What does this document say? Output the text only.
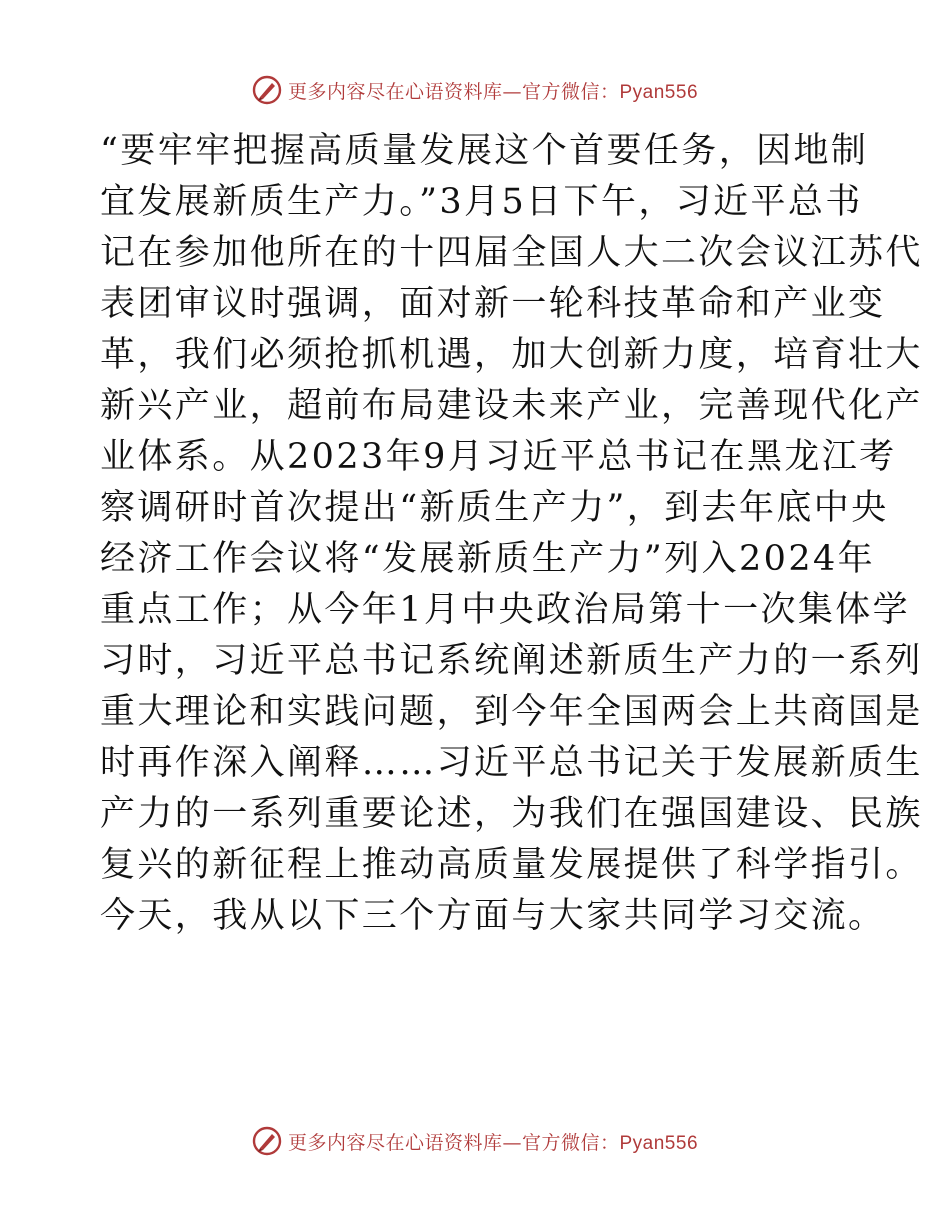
更多内容尽在心语资料库—官方微信：Pyan556
“要牢牢把握高质量发展这个首要任务，因地制
宜发展新质生产力。”3月5日下午，习近平总书
记在参加他所在的十四届全国人大二次会议江苏代
表团审议时强调，面对新一轮科技革命和产业变
革，我们必须抢抓机遇，加大创新力度，培育壮大
新兴产业，超前布局建设未来产业，完善现代化产
业体系。从2023年9月习近平总书记在黑龙江考
察调研时首次提出“新质生产力”，到去年底中央
经济工作会议将“发展新质生产力”列入2024年
重点工作；从今年1月中央政治局第十一次集体学
习时，习近平总书记系统阐述新质生产力的一系列
重大理论和实践问题，到今年全国两会上共商国是
时再作深入阐释……习近平总书记关于发展新质生
产力的一系列重要论述，为我们在强国建设、民族
复兴的新征程上推动高质量发展提供了科学指引。
今天，我从以下三个方面与大家共同学习交流。
更多内容尽在心语资料库—官方微信：Pyan556
